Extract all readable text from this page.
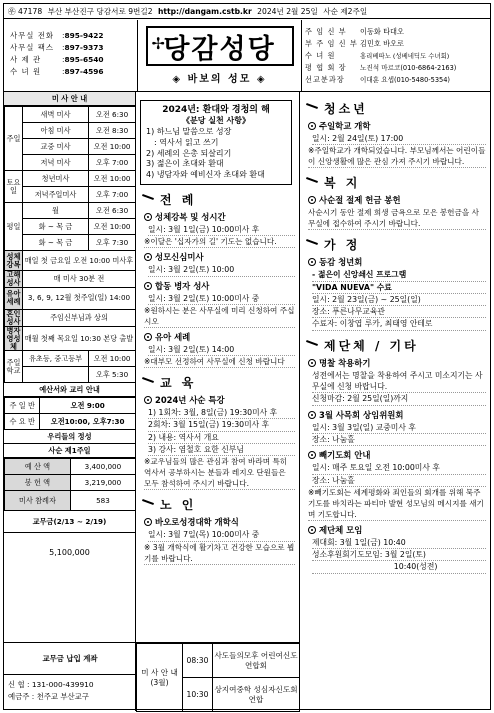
㉾ 47178 부산 부산진구 당감서로 9번길2 http://dangam.cstb.kr 2024년 2월 25일 사순 제2주일
사무실 전화	: 895-9422
사무실 팩스	: 897-9373
사 제 관	: 895-6540
수 녀 원	: 897-4596
✢
당감성당
◈ 바보의 성모 ◈
주 임 신 부	이동화 타대오
부 주 임 신 부 김민호 바오로
수 녀 원	홍리베따노 (성베네딕도 수녀회)
평 협 회 장	노진석 마르코(010-6864-2163)
선교분과장	이대훈 요셉(010-5480-5354)
미 사 안 내
주일	새벽 미사	오전 6:30
	아침 미사	오전 8:30
	교중 미사	오전 10:00
	저녁 미사	오후 7:00
토요일	청년미사	오전 10:00
	저녁주일미사	오후 7:00
평일	월	오전 6:30
	화 ~ 목 금	오전 10:00
	화 ~ 목 금	오후 7:30
성체강복	매일 첫 금요일 오전 10:00 미사후	
고해성사	매 미사 30분 전	
유아세례	3, 6, 9, 12월 첫주일(일) 14:00	
혼인성사	주임신부님과 상의	
병자영성체	매월 첫째 목요일 10:30 본당 출발	
주일학교	유초등, 중고등부	오전 10:00
		오후 5:30
예산서와 교리 안내
주 일 반	오전 9:00
수 요 반	오전10:00, 오후7:30
우리들의 정성
사순 제1주일
예 산 액	3,400,000
봉 헌 액	3,219,000
미사 참례자	583
교무금(2/13 ~ 2/19)
5,100,000
교무금 납입 계좌
신 협 : 131-000-439910
예금주 : 천주교 부산교구
2024년: 환대와 경청의 해
《분당 실천 사항》
1) 하느님 말씀으로 성장
: 역사서 읽고 쓰기
2) 세례의 은총 되살리기
3) 젊은이 초대와 환대
4) 냉담자와 예비신자 초대와 환대
전 례
성체강복 및 성시간
일시: 3월 1일(금) 10:00미사 후
※이달은 '십자가의 길' 기도는 없습니다.
성모신심미사
일시: 3월 2일(토) 10:00
합동 병자 성사
일시: 3월 2일(토) 10:00미사 중
※원하시는 분은 사무실에 미리 신청하여 주십시오
유아 세례
일시: 3월 2일(토) 14:00
※대부모 선정하여 사무실에 신청 바랍니다
교 육
2024년 사순 특강
1) 1회차: 3월, 8일(금) 19:30미사 후
2회차: 3월 15일(금) 19:30미사 후
2) 내용: 역사서 개요
3) 강사: 염철호 요한 신부님
※교우님들의 많은 관심과 참여 바라며 특히 역사서 공부하시는 분들과 레지오 단원들은 모두 참석하여 주시기 바랍니다.
노 인
바오로성경대학 개학식
일시: 3월 7일(목) 10:00미사 중
※ 3월 개학식에 활기차고 건강한 모습으로 뵙기를 바랍니다.
미 사 안 내
(3월)	08:30	사도들의모후 어린여신도연합회
	10:30	상지여중학 성심자신도회연합
청소년
주일학교 개학
일시: 2월 24일(토) 17:00
※주일학교가 개학되었습니다. 부모님께서는 어린이들이 신앙생활에 많은 관심 가져 주시기 바랍니다.
복 지
사순절 절제 헌금 봉헌
사순시기 동안 절제 희생 금욕으로 모은 봉헌금을 사무실에 접수하여 주시기 바랍니다.
가 정
동감 청년회
- 젊은이 신앙쇄신 프로그램
"VIDA NUEVA" 수료
일시: 2월 23일(금) ~ 25일(일)
장소: 푸른나무교육관
수료자: 이창엽 루카, 최태영 안테로
제단체 / 기타
명찰 착용하기
성전에서는 명찰을 착용하여 주시고 미소지기는 사무실에 신청 바랍니다.
신청마감: 2월 25일(일)까지
3월 사목회 상임위원회
일시: 3월 3일(일) 교중미사 후
장소: 나눔홀
빼기도회 안내
일시: 매주 토요일 오전 10:00미사 후
장소: 나눔홀
※빼기도회는 세계평화와 죄인들의 회개를 위해 묵주기도를 바치라는 파티마 발현 성모님의 메시지를 새기며 기도합니다.
제단체 모임
제대회: 3월 1일(금) 10:40
성소후원회기도모임: 3월 2일(토)
10:40(성전)
